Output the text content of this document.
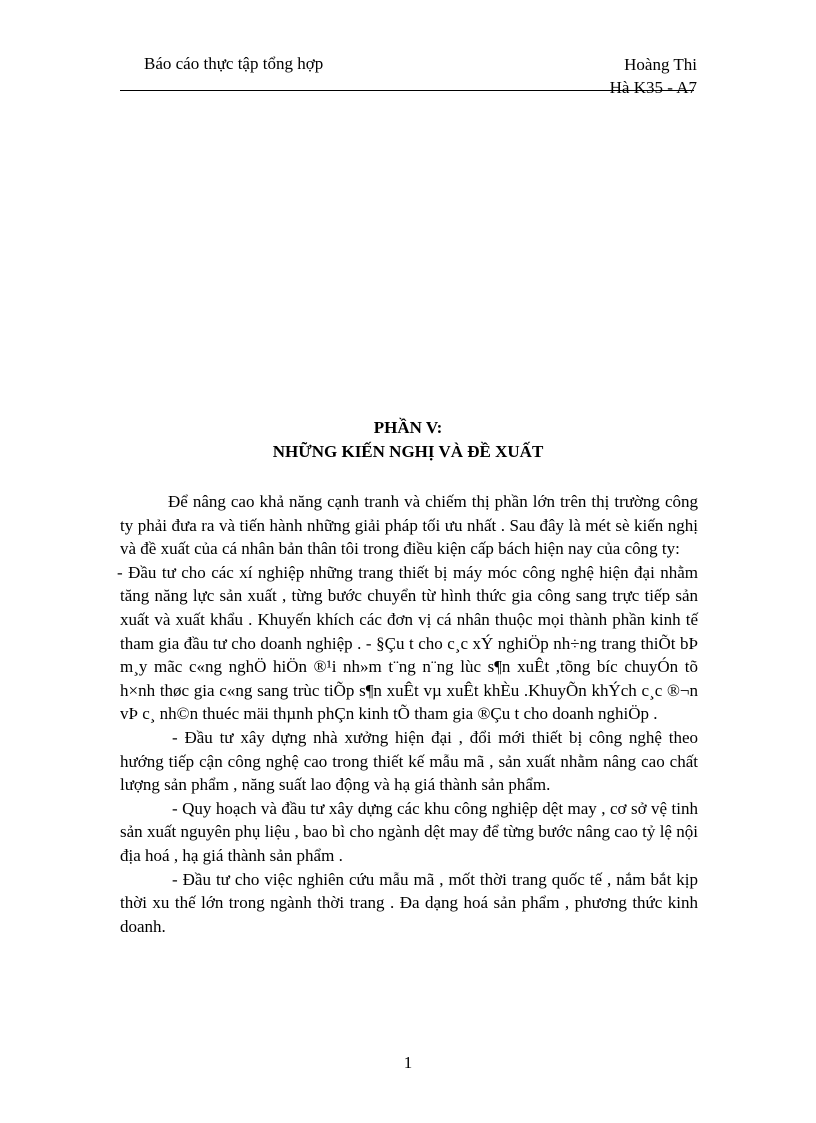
Báo cáo thực tập tổng hợp	Hoàng Thi
Hà K35 - A7
PHẦN V:
NHỮNG KIẾN NGHỊ VÀ ĐỀ XUẤT

Để nâng cao khả năng cạnh tranh và chiếm thị phần lớn trên thị trường công ty phải đưa ra và tiến hành những giải pháp tối ưu nhất . Sau đây là mét sè kiến nghị và đề xuất của cá nhân bản thân tôi trong điều kiện cấp bách hiện nay của công ty:

- Đầu tư cho các xí nghiệp những trang thiết bị máy móc công nghệ hiện đại nhằm tăng năng lực sản xuất , từng bước chuyển từ hình thức gia công sang trực tiếp sản xuất và xuất khẩu . Khuyến khích các đơn vị cá nhân thuộc mọi thành phần kinh tế tham gia đầu tư cho doanh nghiệp . - §Çu t cho c¸c xÝ nghiÖp nh÷ng trang thiÕt bÞ m¸y mãc c«ng nghÖ hiÖn ®¹i nh»m t¨ng n¨ng lùc s¶n xuÊt ,tõng bíc chuyÓn tõ h×nh thøc gia c«ng sang trùc tiÕp s¶n xuÊt vµ xuÊt khÈu .KhuyÕn khÝch c¸c ®¬n vÞ c¸ nh©n thuéc mäi thµnh phÇn kinh tÕ tham gia ®Çu t cho doanh nghiÖp .

- Đầu tư xây dựng nhà xưởng hiện đại , đổi mới thiết bị công nghệ theo hướng tiếp cận công nghệ cao trong thiết kế mẫu mã , sản xuất nhằm nâng cao chất lượng sản phẩm , năng suất lao động và hạ giá thành sản phẩm.

- Quy hoạch và đầu tư xây dựng các khu công nghiệp dệt may , cơ sở vệ tinh sản xuất nguyên phụ liệu , bao bì cho ngành dệt may để từng bước nâng cao tỷ lệ nội địa hoá , hạ giá thành sản phẩm .

- Đầu tư cho việc nghiên cứu mẫu mã , mốt thời trang quốc tế , nắm bắt kịp thời xu thế lớn trong ngành thời trang . Đa dạng hoá sản phẩm , phương thức kinh doanh.

1
